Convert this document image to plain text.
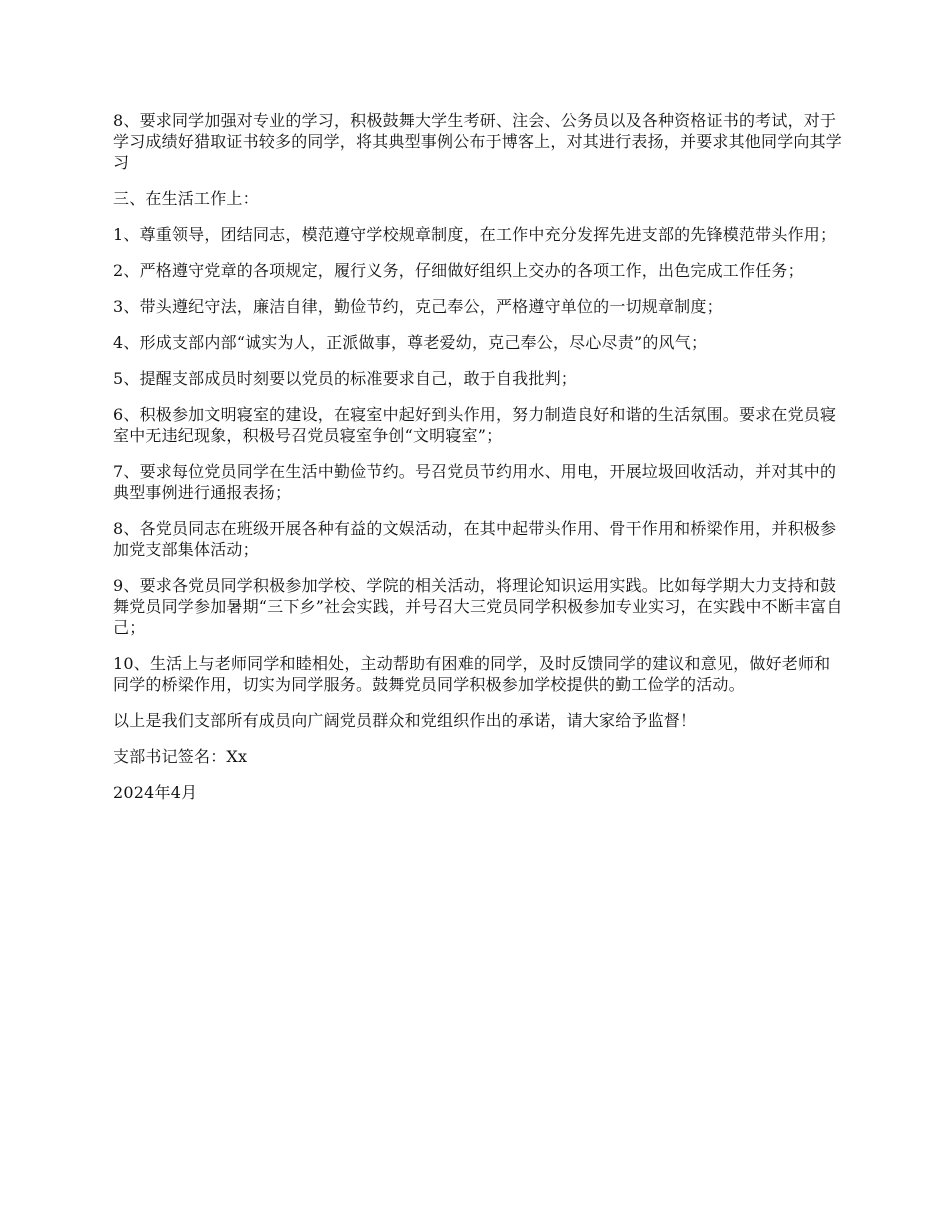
8、要求同学加强对专业的学习，积极鼓舞大学生考研、注会、公务员以及各种资格证书的考试，对于学习成绩好猎取证书较多的同学，将其典型事例公布于博客上，对其进行表扬，并要求其他同学向其学习

三、在生活工作上：

1、尊重领导，团结同志，模范遵守学校规章制度，在工作中充分发挥先进支部的先锋模范带头作用；

2、严格遵守党章的各项规定，履行义务，仔细做好组织上交办的各项工作，出色完成工作任务；

3、带头遵纪守法，廉洁自律，勤俭节约，克己奉公，严格遵守单位的一切规章制度；

4、形成支部内部“诚实为人，正派做事，尊老爱幼，克己奉公，尽心尽责”的风气；

5、提醒支部成员时刻要以党员的标准要求自己，敢于自我批判；

6、积极参加文明寝室的建设，在寝室中起好到头作用，努力制造良好和谐的生活氛围。要求在党员寝室中无违纪现象，积极号召党员寝室争创“文明寝室”；

7、要求每位党员同学在生活中勤俭节约。号召党员节约用水、用电，开展垃圾回收活动，并对其中的典型事例进行通报表扬；

8、各党员同志在班级开展各种有益的文娱活动，在其中起带头作用、骨干作用和桥梁作用，并积极参加党支部集体活动；

9、要求各党员同学积极参加学校、学院的相关活动，将理论知识运用实践。比如每学期大力支持和鼓舞党员同学参加暑期“三下乡”社会实践，并号召大三党员同学积极参加专业实习，在实践中不断丰富自己；

10、生活上与老师同学和睦相处，主动帮助有困难的同学，及时反馈同学的建议和意见，做好老师和同学的桥梁作用，切实为同学服务。鼓舞党员同学积极参加学校提供的勤工俭学的活动。

以上是我们支部所有成员向广阔党员群众和党组织作出的承诺，请大家给予监督！

支部书记签名：Xx

2024年4月
